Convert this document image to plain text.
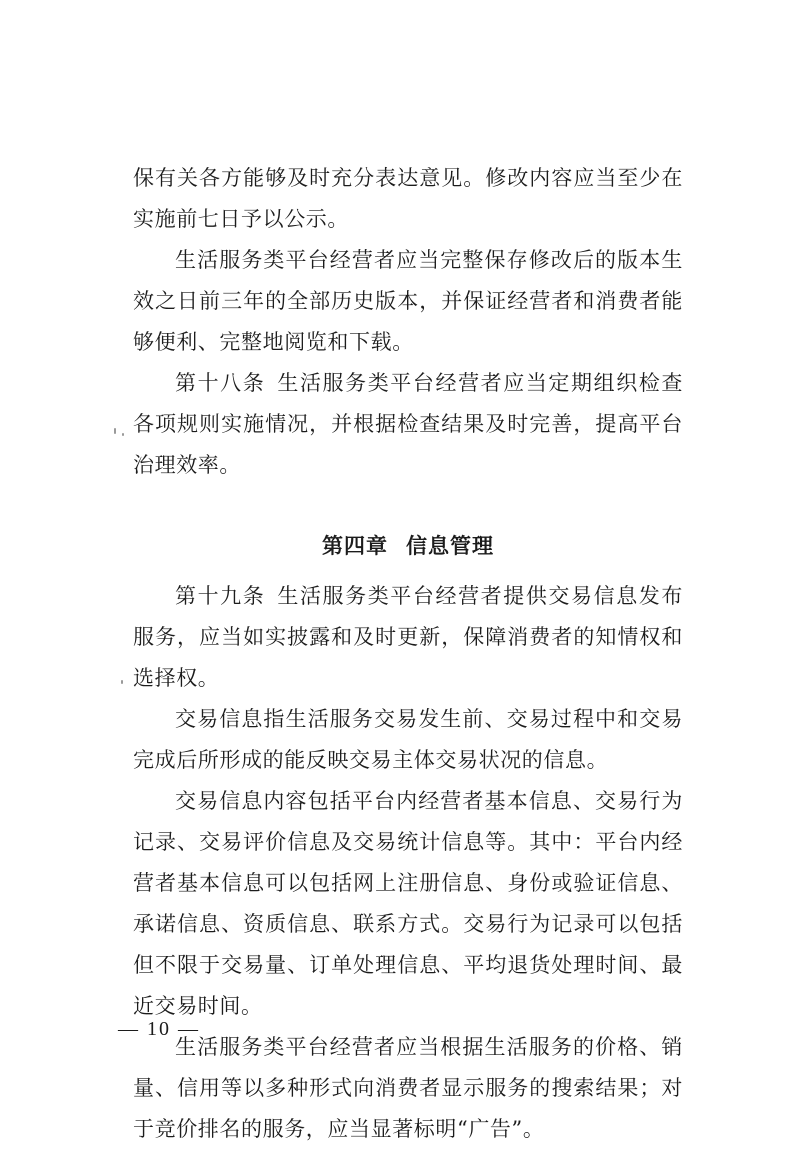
保有关各方能够及时充分表达意见。修改内容应当至少在实施前七日予以公示。

生活服务类平台经营者应当完整保存修改后的版本生效之日前三年的全部历史版本，并保证经营者和消费者能够便利、完整地阅览和下载。

第十八条 生活服务类平台经营者应当定期组织检查各项规则实施情况，并根据检查结果及时完善，提高平台治理效率。

第四章 信息管理

第十九条 生活服务类平台经营者提供交易信息发布服务，应当如实披露和及时更新，保障消费者的知情权和选择权。

交易信息指生活服务交易发生前、交易过程中和交易完成后所形成的能反映交易主体交易状况的信息。

交易信息内容包括平台内经营者基本信息、交易行为记录、交易评价信息及交易统计信息等。其中：平台内经营者基本信息可以包括网上注册信息、身份或验证信息、承诺信息、资质信息、联系方式。交易行为记录可以包括但不限于交易量、订单处理信息、平均退货处理时间、最近交易时间。

生活服务类平台经营者应当根据生活服务的价格、销量、信用等以多种形式向消费者显示服务的搜索结果；对于竞价排名的服务，应当显著标明“广告”。

— 10 —
